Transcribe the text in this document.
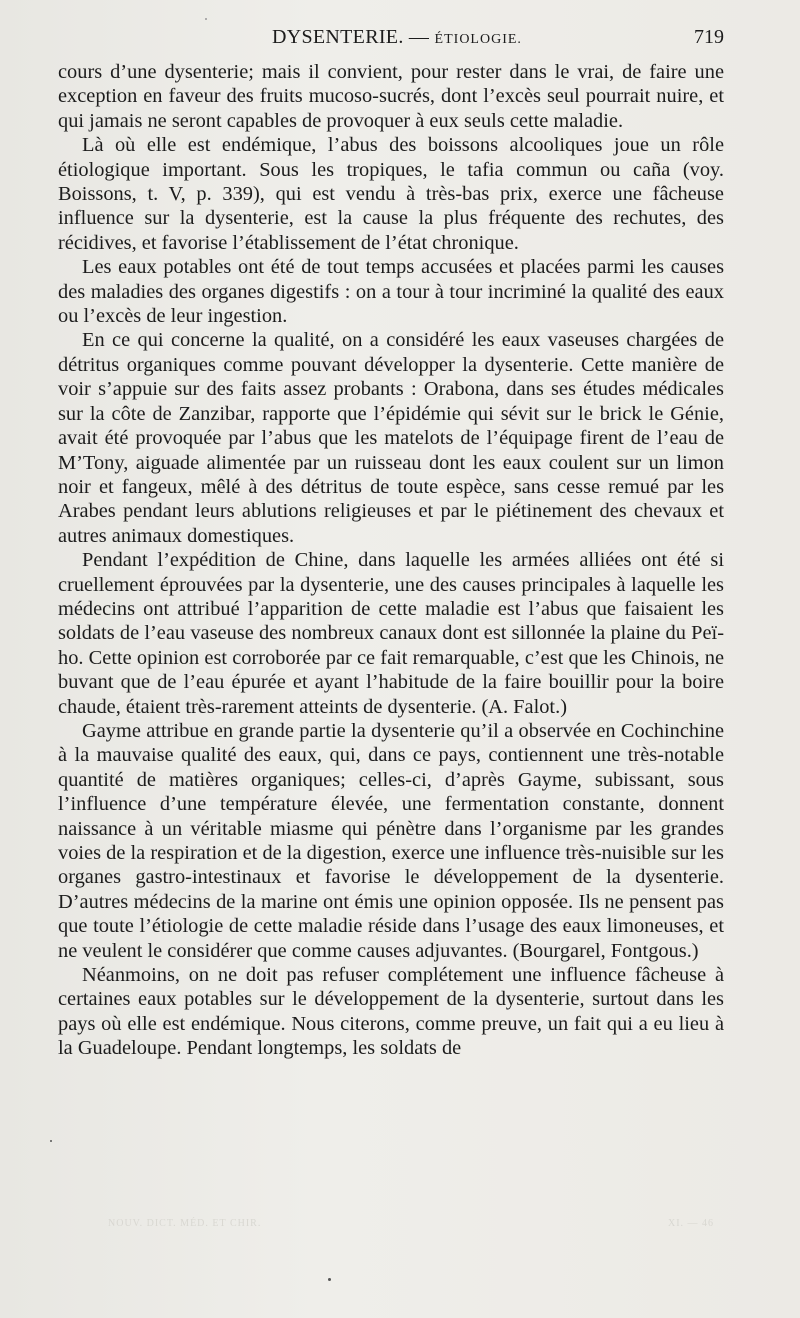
DYSENTERIE. — ÉTIOLOGIE.	719

cours d’une dysenterie; mais il convient, pour rester dans le vrai, de faire une exception en faveur des fruits mucoso-sucrés, dont l’excès seul pourrait nuire, et qui jamais ne seront capables de provoquer à eux seuls cette maladie.

Là où elle est endémique, l’abus des boissons alcooliques joue un rôle étiologique important. Sous les tropiques, le tafia commun ou caña (voy. Boissons, t. V, p. 339), qui est vendu à très-bas prix, exerce une fâcheuse influence sur la dysenterie, est la cause la plus fréquente des rechutes, des récidives, et favorise l’établissement de l’état chronique.

Les eaux potables ont été de tout temps accusées et placées parmi les causes des maladies des organes digestifs : on a tour à tour incriminé la qualité des eaux ou l’excès de leur ingestion.

En ce qui concerne la qualité, on a considéré les eaux vaseuses chargées de détritus organiques comme pouvant développer la dysenterie. Cette manière de voir s’appuie sur des faits assez probants : Orabona, dans ses études médicales sur la côte de Zanzibar, rapporte que l’épidémie qui sévit sur le brick le Génie, avait été provoquée par l’abus que les matelots de l’équipage firent de l’eau de M’Tony, aiguade alimentée par un ruisseau dont les eaux coulent sur un limon noir et fangeux, mêlé à des détritus de toute espèce, sans cesse remué par les Arabes pendant leurs ablutions religieuses et par le piétinement des chevaux et autres animaux domestiques.

Pendant l’expédition de Chine, dans laquelle les armées alliées ont été si cruellement éprouvées par la dysenterie, une des causes principales à laquelle les médecins ont attribué l’apparition de cette maladie est l’abus que faisaient les soldats de l’eau vaseuse des nombreux canaux dont est sillonnée la plaine du Peï-ho. Cette opinion est corroborée par ce fait remarquable, c’est que les Chinois, ne buvant que de l’eau épurée et ayant l’habitude de la faire bouillir pour la boire chaude, étaient très-rarement atteints de dysenterie. (A. Falot.)

Gayme attribue en grande partie la dysenterie qu’il a observée en Cochinchine à la mauvaise qualité des eaux, qui, dans ce pays, contiennent une très-notable quantité de matières organiques; celles-ci, d’après Gayme, subissant, sous l’influence d’une température élevée, une fermentation constante, donnent naissance à un véritable miasme qui pénètre dans l’organisme par les grandes voies de la respiration et de la digestion, exerce une influence très-nuisible sur les organes gastro-intestinaux et favorise le développement de la dysenterie. D’autres médecins de la marine ont émis une opinion opposée. Ils ne pensent pas que toute l’étiologie de cette maladie réside dans l’usage des eaux limoneuses, et ne veulent le considérer que comme causes adjuvantes. (Bourgarel, Fontgous.)

Néanmoins, on ne doit pas refuser complétement une influence fâcheuse à certaines eaux potables sur le développement de la dysenterie, surtout dans les pays où elle est endémique. Nous citerons, comme preuve, un fait qui a eu lieu à la Guadeloupe. Pendant longtemps, les soldats de

NOUV. DICT. MÉD. ET CHIR.	XI. — 46
